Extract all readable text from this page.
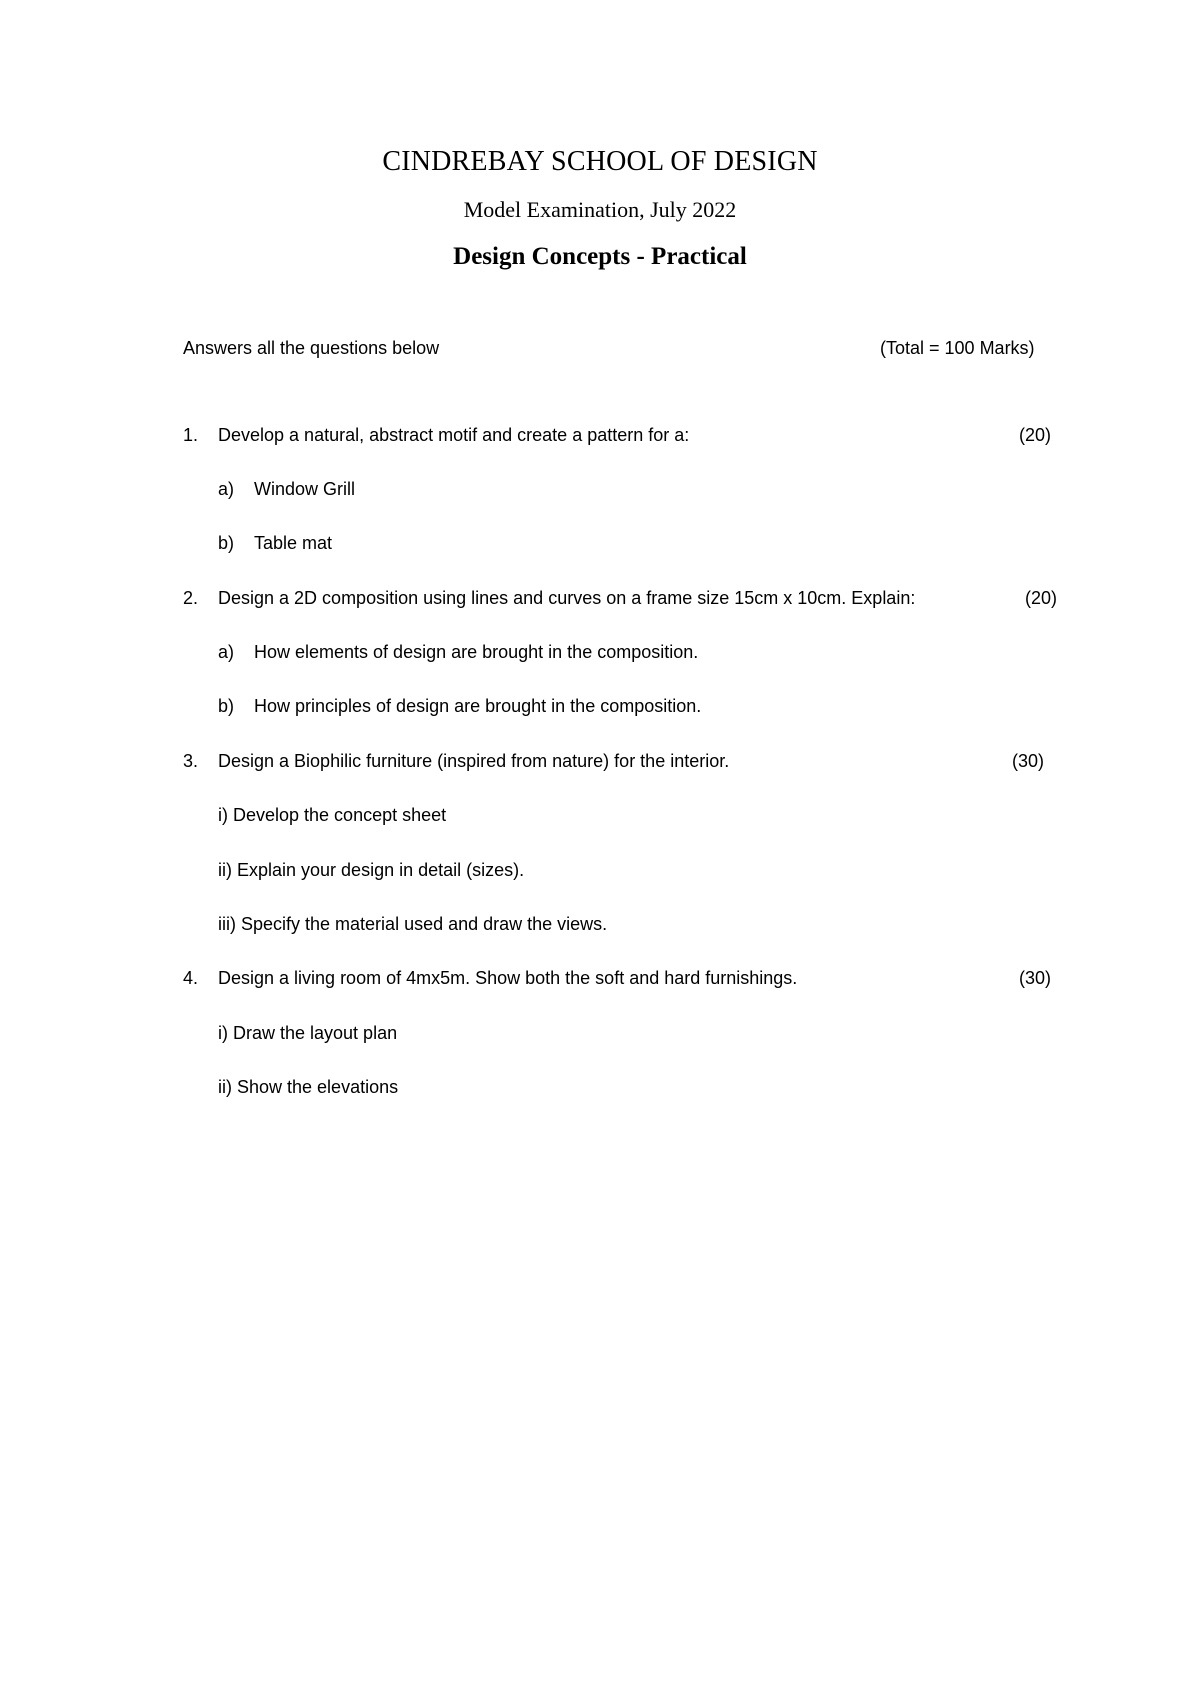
CINDREBAY SCHOOL OF DESIGN
Model Examination, July 2022
Design Concepts - Practical
Answers all the questions below	(Total = 100 Marks)
1. Develop a natural, abstract motif and create a pattern for a:	(20)
a) Window Grill
b) Table mat
2. Design a 2D composition using lines and curves on a frame size 15cm x 10cm. Explain:	(20)
a) How elements of design are brought in the composition.
b) How principles of design are brought in the composition.
3. Design a Biophilic furniture (inspired from nature) for the interior.	(30)
i) Develop the concept sheet
ii) Explain your design in detail (sizes).
iii) Specify the material used and draw the views.
4. Design a living room of 4mx5m. Show both the soft and hard furnishings.	(30)
i) Draw the layout plan
ii) Show the elevations
